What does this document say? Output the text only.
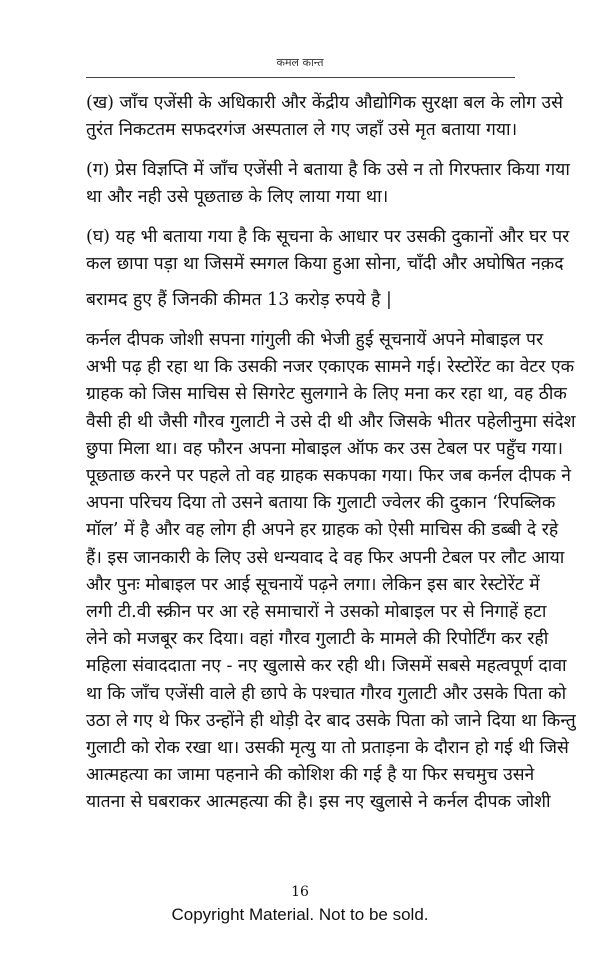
कमल कान्त
(ख) जाँच एजेंसी के अधिकारी और केंद्रीय औद्योगिक सुरक्षा बल के लोग उसे
तुरंत निकटतम सफदरगंज अस्पताल ले गए जहाँ उसे मृत बताया गया।
(ग) प्रेस विज्ञप्ति में जाँच एजेंसी ने बताया है कि उसे न तो गिरफ्तार किया गया
था और नही उसे पूछताछ के लिए लाया गया था।
(घ) यह भी बताया गया है कि सूचना के आधार पर उसकी दुकानों और घर पर
कल छापा पड़ा था जिसमें स्मगल किया हुआ सोना, चाँदी और अघोषित नक़द
बरामद हुए हैं जिनकी कीमत 13 करोड़ रुपये है |
कर्नल दीपक जोशी सपना गांगुली की भेजी हुई सूचनायें अपने मोबाइल पर
अभी पढ़ ही रहा था कि उसकी नजर एकाएक सामने गई। रेस्टोरेंट का वेटर एक
ग्राहक को जिस माचिस से सिगरेट सुलगाने के लिए मना कर रहा था, वह ठीक
वैसी ही थी जैसी गौरव गुलाटी ने उसे दी थी और जिसके भीतर पहेलीनुमा संदेश
छुपा मिला था। वह फौरन अपना मोबाइल ऑफ कर उस टेबल पर पहुँच गया।
पूछताछ करने पर पहले तो वह ग्राहक सकपका गया। फिर जब कर्नल दीपक ने
अपना परिचय दिया तो उसने बताया कि गुलाटी ज्वेलर की दुकान ‘रिपब्लिक
मॉल’ में है और वह लोग ही अपने हर ग्राहक को ऐसी माचिस की डब्बी दे रहे
हैं। इस जानकारी के लिए उसे धन्यवाद दे वह फिर अपनी टेबल पर लौट आया
और पुनः मोबाइल पर आई सूचनायें पढ़ने लगा। लेकिन इस बार रेस्टोरेंट में
लगी टी.वी स्क्रीन पर आ रहे समाचारों ने उसको मोबाइल पर से निगाहें हटा
लेने को मजबूर कर दिया। वहां गौरव गुलाटी के मामले की रिपोर्टिंग कर रही
महिला संवाददाता नए - नए खुलासे कर रही थी। जिसमें सबसे महत्वपूर्ण दावा
था कि जाँच एजेंसी वाले ही छापे के पश्चात गौरव गुलाटी और उसके पिता को
उठा ले गए थे फिर उन्होंने ही थोड़ी देर बाद उसके पिता को जाने दिया था किन्तु
गुलाटी को रोक रखा था। उसकी मृत्यु या तो प्रताड़ना के दौरान हो गई थी जिसे
आत्महत्या का जामा पहनाने की कोशिश की गई है या फिर सचमुच उसने
यातना से घबराकर आत्महत्या की है। इस नए खुलासे ने कर्नल दीपक जोशी
16
Copyright Material. Not to be sold.
